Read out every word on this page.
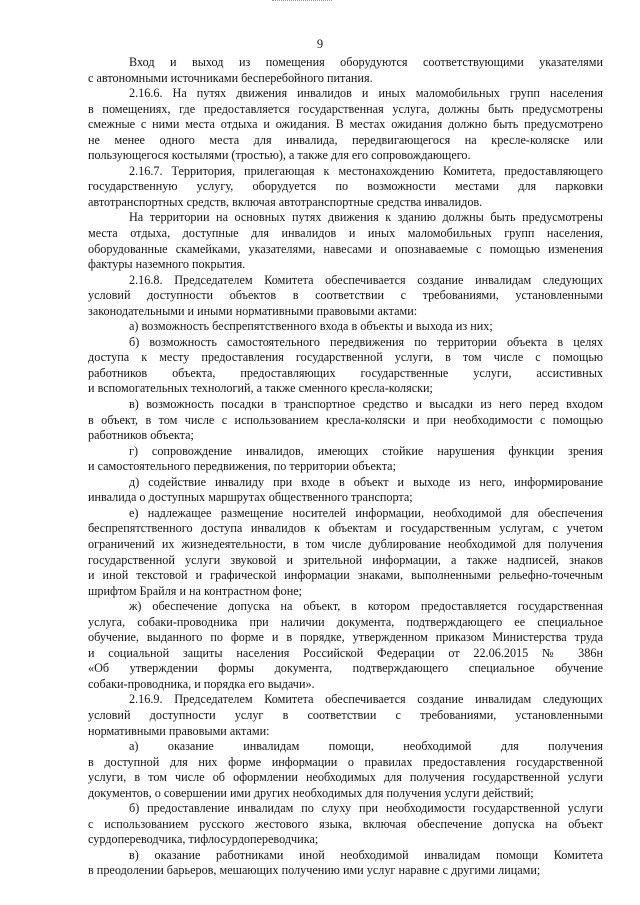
9
Вход и выход из помещения оборудуются соответствующими указателями
с автономными источниками бесперебойного питания.
2.16.6. На путях движения инвалидов и иных маломобильных групп населения
в помещениях, где предоставляется государственная услуга, должны быть предусмотрены
смежные с ними места отдыха и ожидания. В местах ожидания должно быть предусмотрено
не менее одного места для инвалида, передвигающегося на кресле-коляске или
пользующегося костылями (тростью), а также для его сопровождающего.
2.16.7. Территория, прилегающая к местонахождению Комитета, предоставляющего
государственную услугу, оборудуется по возможности местами для парковки
автотранспортных средств, включая автотранспортные средства инвалидов.
На территории на основных путях движения к зданию должны быть предусмотрены
места отдыха, доступные для инвалидов и иных маломобильных групп населения,
оборудованные скамейками, указателями, навесами и опознаваемые с помощью изменения
фактуры наземного покрытия.
2.16.8. Председателем Комитета обеспечивается создание инвалидам следующих
условий доступности объектов в соответствии с требованиями, установленными
законодательными и иными нормативными правовыми актами:
а) возможность беспрепятственного входа в объекты и выхода из них;
б) возможность самостоятельного передвижения по территории объекта в целях
доступа к месту предоставления государственной услуги, в том числе с помощью
работников объекта, предоставляющих государственные услуги, ассистивных
и вспомогательных технологий, а также сменного кресла-коляски;
в) возможность посадки в транспортное средство и высадки из него перед входом
в объект, в том числе с использованием кресла-коляски и при необходимости с помощью
работников объекта;
г) сопровождение инвалидов, имеющих стойкие нарушения функции зрения
и самостоятельного передвижения, по территории объекта;
д) содействие инвалиду при входе в объект и выходе из него, информирование
инвалида о доступных маршрутах общественного транспорта;
е) надлежащее размещение носителей информации, необходимой для обеспечения
беспрепятственного доступа инвалидов к объектам и государственным услугам, с учетом
ограничений их жизнедеятельности, в том числе дублирование необходимой для получения
государственной услуги звуковой и зрительной информации, а также надписей, знаков
и иной текстовой и графической информации знаками, выполненными рельефно-точечным
шрифтом Брайля и на контрастном фоне;
ж) обеспечение допуска на объект, в котором предоставляется государственная
услуга, собаки-проводника при наличии документа, подтверждающего ее специальное
обучение, выданного по форме и в порядке, утвержденном приказом Министерства труда
и социальной защиты населения Российской Федерации от 22.06.2015 № 386н
«Об утверждении формы документа, подтверждающего специальное обучение
собаки-проводника, и порядка его выдачи».
2.16.9. Председателем Комитета обеспечивается создание инвалидам следующих
условий доступности услуг в соответствии с требованиями, установленными
нормативными правовыми актами:
а) оказание инвалидам помощи, необходимой для получения
в доступной для них форме информации о правилах предоставления государственной
услуги, в том числе об оформлении необходимых для получения государственной услуги
документов, о совершении ими других необходимых для получения услуги действий;
б) предоставление инвалидам по слуху при необходимости государственной услуги
с использованием русского жестового языка, включая обеспечение допуска на объект
сурдопереводчика, тифлосурдопереводчика;
в) оказание работниками иной необходимой инвалидам помощи Комитета
в преодолении барьеров, мешающих получению ими услуг наравне с другими лицами;
